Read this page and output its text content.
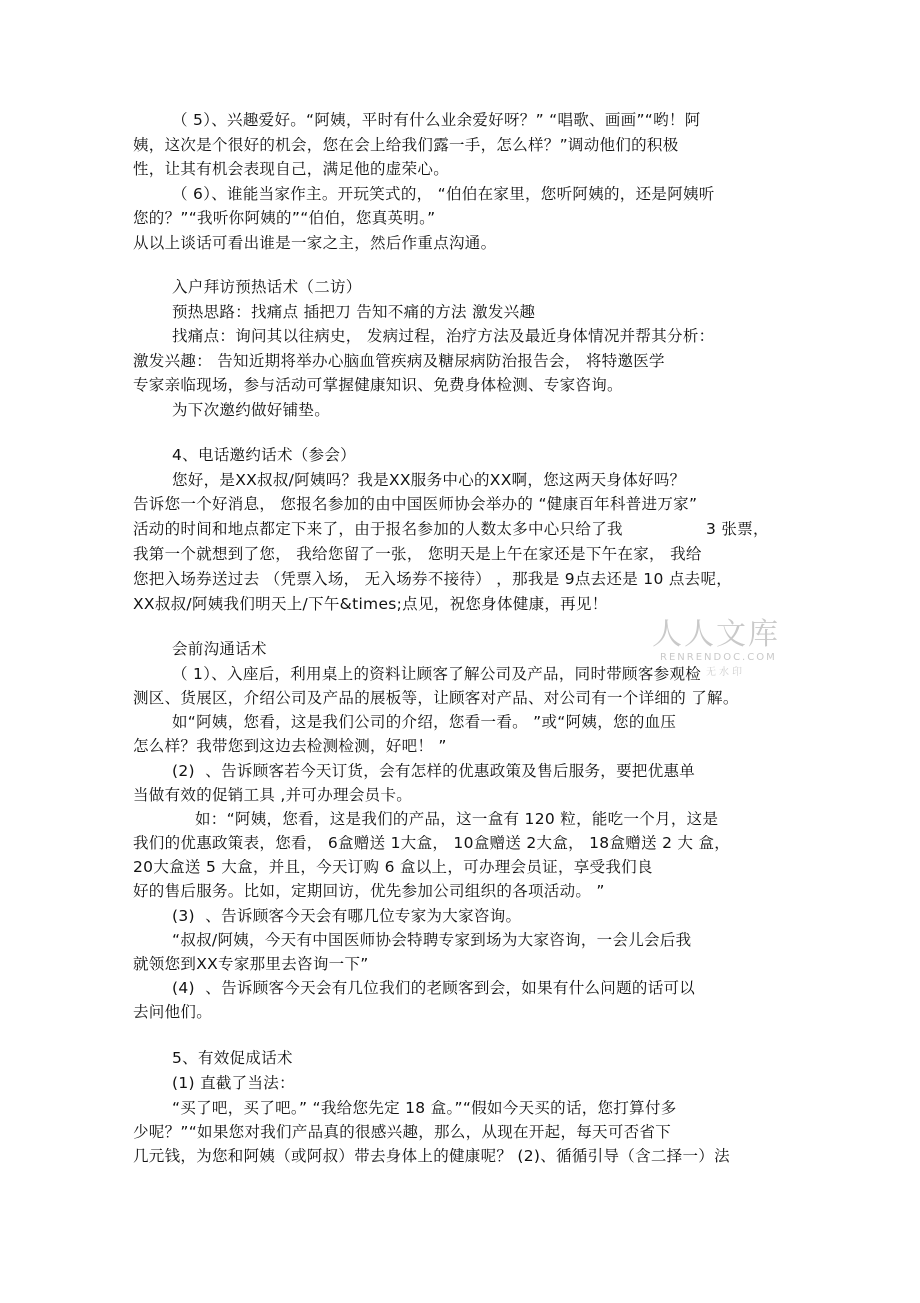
（ 5）、兴趣爱好。“阿姨，平时有什么业余爱好呀？” “唱歌、画画”“哟！阿
姨，这次是个很好的机会，您在会上给我们露一手，怎么样？”调动他们的积极
性，让其有机会表现自己，满足他的虚荣心。
（ 6）、谁能当家作主。开玩笑式的， “伯伯在家里，您听阿姨的，还是阿姨听
您的？”“我听你阿姨的”“伯伯，您真英明。”
从以上谈话可看出谁是一家之主，然后作重点沟通。
入户拜访预热话术（二访）
预热思路：找痛点 插把刀 告知不痛的方法 激发兴趣
找痛点：询问其以往病史， 发病过程，治疗方法及最近身体情况并帮其分析：
激发兴趣： 告知近期将举办心脑血管疾病及糖尿病防治报告会， 将特邀医学
专家亲临现场，参与活动可掌握健康知识、免费身体检测、专家咨询。
为下次邀约做好铺垫。
4、电话邀约话术（参会）
您好，是XX叔叔/阿姨吗？我是XX服务中心的XX啊，您这两天身体好吗？
告诉您一个好消息， 您报名参加的由中国医师协会举办的 “健康百年科普进万家”
活动的时间和地点都定下来了，由于报名参加的人数太多中心只给了我	3 张票，
我第一个就想到了您， 我给您留了一张， 您明天是上午在家还是下午在家， 我给
您把入场券送过去 （凭票入场， 无入场券不接待） ，那我是 9点去还是 10 点去呢，
XX叔叔/阿姨我们明天上/下午&times;点见，祝您身体健康，再见！
会前沟通话术
（ 1）、入座后，利用桌上的资料让顾客了解公司及产品，同时带顾客参观检
测区、货展区，介绍公司及产品的展板等，让顾客对产品、对公司有一个详细的 了解。
如“阿姨，您看，这是我们公司的介绍，您看一看。 ”或“阿姨，您的血压
怎么样？我带您到这边去检测检测，好吧！ ”
(2)  、告诉顾客若今天订货，会有怎样的优惠政策及售后服务，要把优惠单
当做有效的促销工具 ,并可办理会员卡。
如：“阿姨，您看，这是我们的产品，这一盒有 120 粒，能吃一个月，这是
我们的优惠政策表，您看， 6盒赠送 1大盒， 10盒赠送 2大盒， 18盒赠送 2 大 盒，
20大盒送 5 大盒，并且，今天订购 6 盒以上，可办理会员证，享受我们良
好的售后服务。比如，定期回访，优先参加公司组织的各项活动。 ”
(3)  、告诉顾客今天会有哪几位专家为大家咨询。
“叔叔/阿姨，今天有中国医师协会特聘专家到场为大家咨询，一会儿会后我
就领您到XX专家那里去咨询一下”
(4)  、告诉顾客今天会有几位我们的老顾客到会，如果有什么问题的话可以
去问他们。
5、有效促成话术
(1) 直截了当法：
“买了吧，买了吧。” “我给您先定 18 盒。”“假如今天买的话，您打算付多
少呢？”“如果您对我们产品真的很感兴趣，那么，从现在开起，每天可否省下
几元钱，为您和阿姨（或阿叔）带去身体上的健康呢？ (2)、循循引导（含二择一）法
人人文库
RENRENDOC.COM
无水印
